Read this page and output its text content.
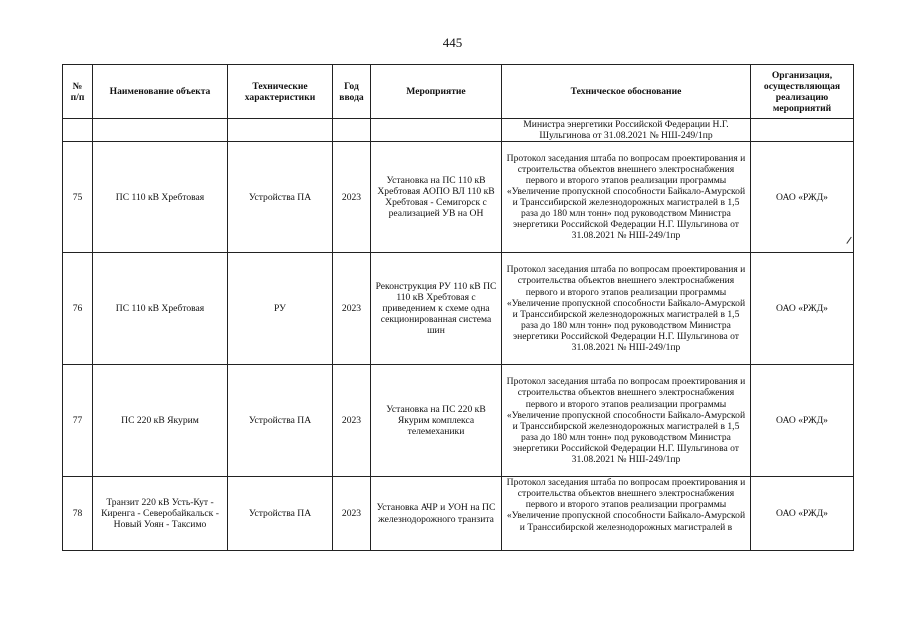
445
№
п/п	Наименование объекта	Технические характеристики	Год ввода	Мероприятие	Техническое обоснование	Организация, осуществляющая реализацию мероприятий
					Министра энергетики Российской Федерации Н.Г. Шульгинова от 31.08.2021 № НШ-249/1пр	
75	ПС 110 кВ Хребтовая	Устройства ПА	2023	Установка на ПС 110 кВ Хребтовая АОПО ВЛ 110 кВ Хребтовая - Семигорск с реализацией УВ на ОН	Протокол заседания штаба по вопросам проектирования и строительства объектов внешнего электроснабжения первого и второго этапов реализации программы «Увеличение пропускной способности Байкало-Амурской и Транссибирской железнодорожных магистралей в 1,5 раза до 180 млн тонн» под руководством Министра энергетики Российской Федерации Н.Г. Шульгинова от 31.08.2021 № НШ-249/1пр	ОАО «РЖД»
76	ПС 110 кВ Хребтовая	РУ	2023	Реконструкция РУ 110 кВ ПС 110 кВ Хребтовая с приведением к схеме одна секционированная система шин	Протокол заседания штаба по вопросам проектирования и строительства объектов внешнего электроснабжения первого и второго этапов реализации программы «Увеличение пропускной способности Байкало-Амурской и Транссибирской железнодорожных магистралей в 1,5 раза до 180 млн тонн» под руководством Министра энергетики Российской Федерации Н.Г. Шульгинова от 31.08.2021 № НШ-249/1пр	ОАО «РЖД»
77	ПС 220 кВ Якурим	Устройства ПА	2023	Установка на ПС 220 кВ Якурим комплекса телемеханики	Протокол заседания штаба по вопросам проектирования и строительства объектов внешнего электроснабжения первого и второго этапов реализации программы «Увеличение пропускной способности Байкало-Амурской и Транссибирской железнодорожных магистралей в 1,5 раза до 180 млн тонн» под руководством Министра энергетики Российской Федерации Н.Г. Шульгинова от 31.08.2021 № НШ-249/1пр	ОАО «РЖД»
78	Транзит 220 кВ Усть-Кут - Киренга - Северобайкальск - Новый Уоян - Таксимо	Устройства ПА	2023	Установка АЧР и УОН на ПС железнодорожного транзита	Протокол заседания штаба по вопросам проектирования и строительства объектов внешнего электроснабжения первого и второго этапов реализации программы «Увеличение пропускной способности Байкало-Амурской и Транссибирской железнодорожных магистралей в	ОАО «РЖД»
